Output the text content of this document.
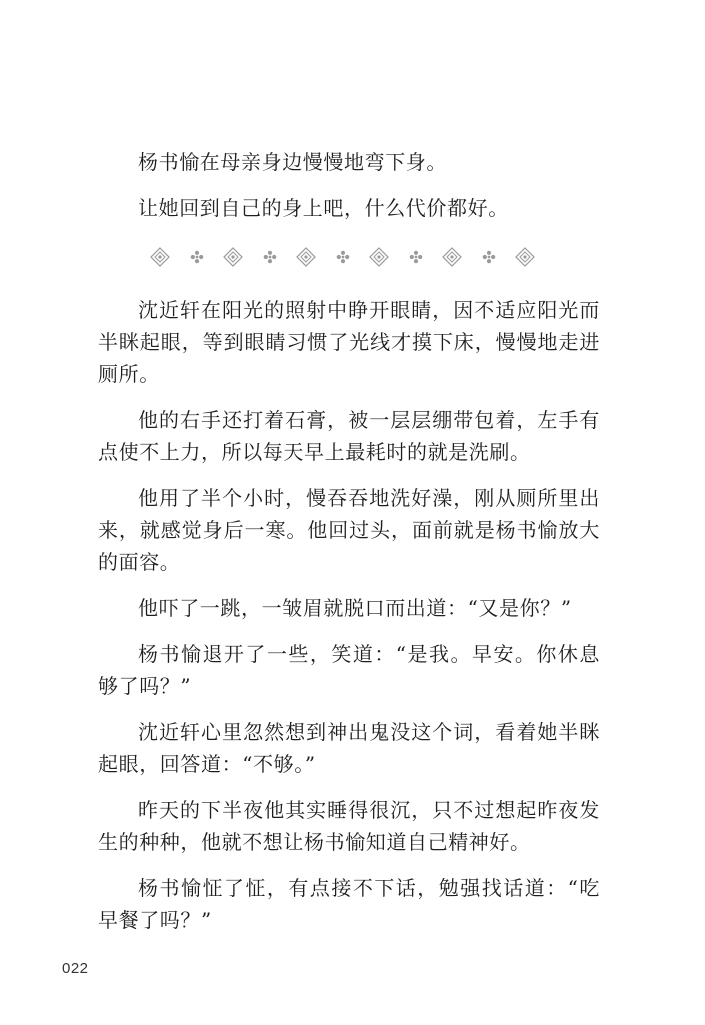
杨书愉在母亲身边慢慢地弯下身。

让她回到自己的身上吧，什么代价都好。

沈近轩在阳光的照射中睁开眼睛，因不适应阳光而半眯起眼，等到眼睛习惯了光线才摸下床，慢慢地走进厕所。

他的右手还打着石膏，被一层层绷带包着，左手有点使不上力，所以每天早上最耗时的就是洗刷。

他用了半个小时，慢吞吞地洗好澡，刚从厕所里出来，就感觉身后一寒。他回过头，面前就是杨书愉放大的面容。

他吓了一跳，一皱眉就脱口而出道：“又是你？”

杨书愉退开了一些，笑道：“是我。早安。你休息够了吗？”

沈近轩心里忽然想到神出鬼没这个词，看着她半眯起眼，回答道：“不够。”

昨天的下半夜他其实睡得很沉，只不过想起昨夜发生的种种，他就不想让杨书愉知道自己精神好。

杨书愉怔了怔，有点接不下话，勉强找话道：“吃早餐了吗？”

022
